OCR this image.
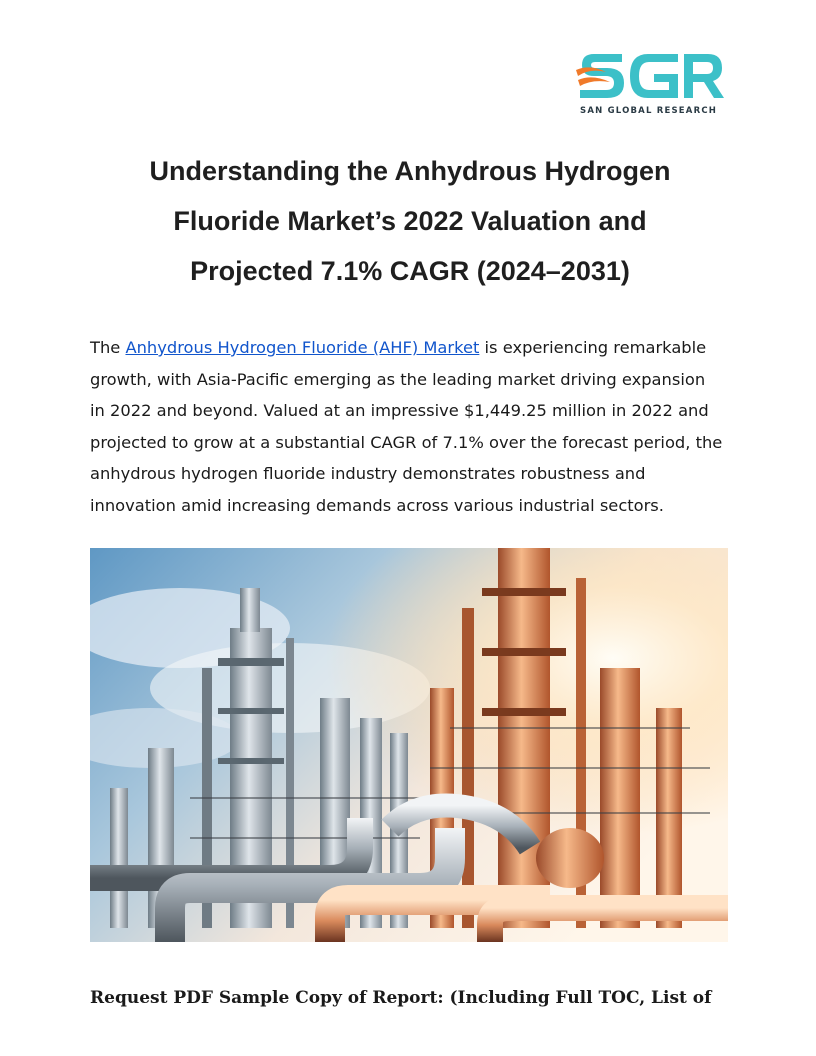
SAN GLOBAL RESEARCH
Understanding the Anhydrous Hydrogen
Fluoride Market’s 2022 Valuation and
Projected 7.1% CAGR (2024–2031)

The Anhydrous Hydrogen Fluoride (AHF) Market is experiencing remarkable
growth, with Asia-Pacific emerging as the leading market driving expansion
in 2022 and beyond. Valued at an impressive $1,449.25 million in 2022 and
projected to grow at a substantial CAGR of 7.1% over the forecast period, the
anhydrous hydrogen fluoride industry demonstrates robustness and
innovation amid increasing demands across various industrial sectors.

Request PDF Sample Copy of Report: (Including Full TOC, List of
